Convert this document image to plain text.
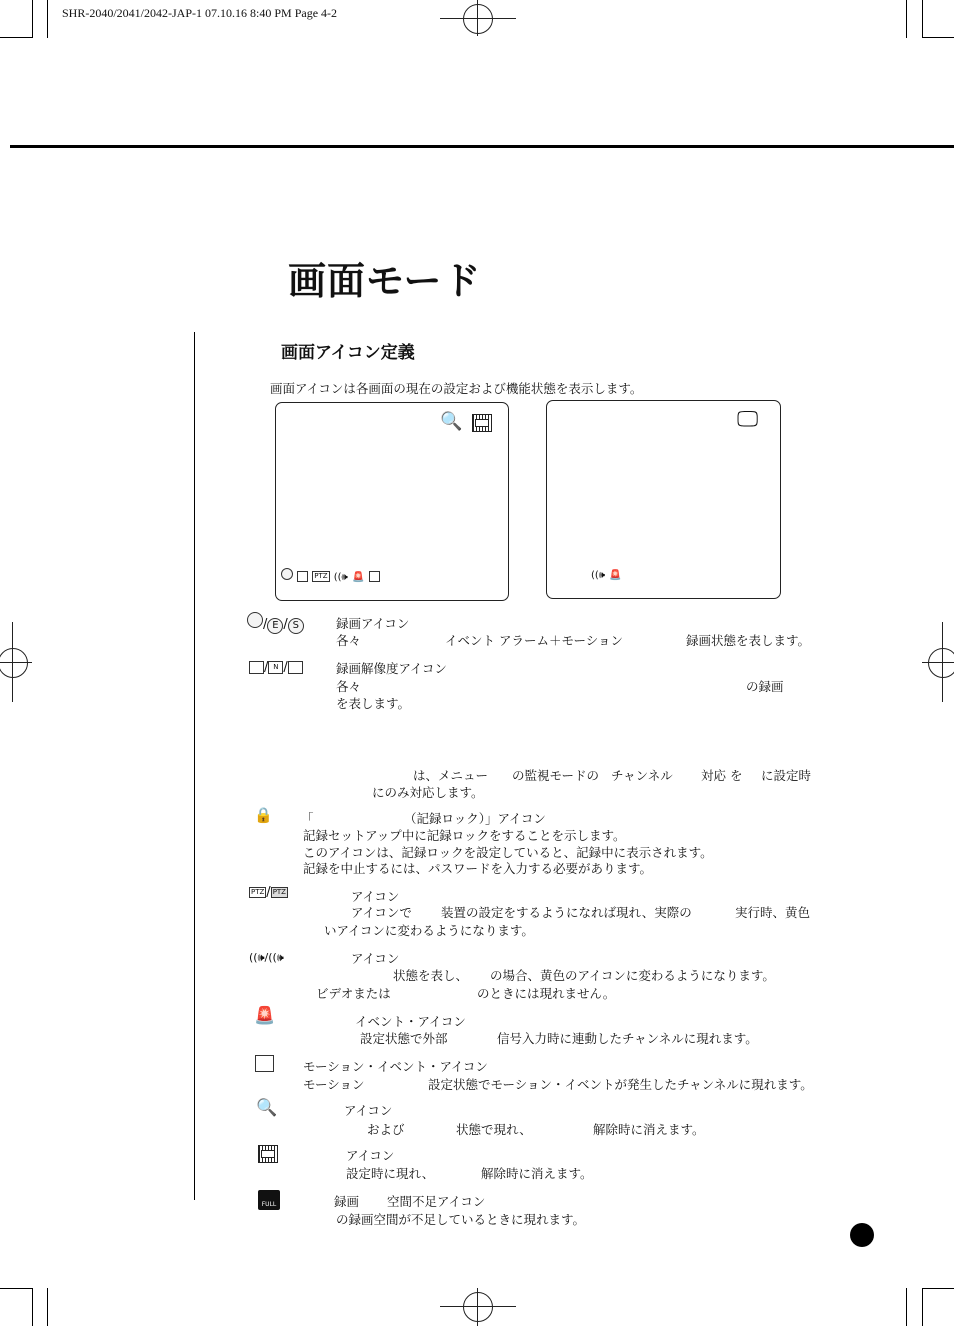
SHR-2040/2041/2042-JAP-1 07.10.16 8:40 PM Page 4-2
画面モード
画面アイコン定義
画面アイコンは各画面の現在の設定および機能状態を表示します。
🔍
PTZ ((🕪 🚨
🖵
((🕪 🚨
/ E / S	録画アイコン
各々	イベント アラーム＋モーション	録画状態を表します。
/ N /	録画解像度アイコン
各々	の録画
を表します。
は、メニュー の監視モードの チャンネル 対応 を に設定時
にのみ対応します。
🔒 「	（記録ロック）」アイコン
記録セットアップ中に記録ロックをすることを示します。
このアイコンは、記録ロックを設定していると、記録中に表示されます。
記録を中止するには、パスワードを入力する必要があります。
PTZ / PTZ	アイコン
アイコンで 装置の設定をするようになれば現れ、実際の	実行時、黄色
いアイコンに変わるようになります。
((🕪/((🕪	アイコン
状態を表し、 の場合、黄色のアイコンに変わるようになります。
ビデオまたは	のときには現れません。
🚨	イベント・アイコン
設定状態で外部	信号入力時に連動したチャンネルに現れます。
モーション・イベント・アイコン
モーション	設定状態でモーション・イベントが発生したチャンネルに現れます。
🔍	アイコン
および	状態で現れ、	解除時に消えます。
アイコン
設定時に現れ、	解除時に消えます。
FULL	録画 空間不足アイコン
の録画空間が不足しているときに現れます。
